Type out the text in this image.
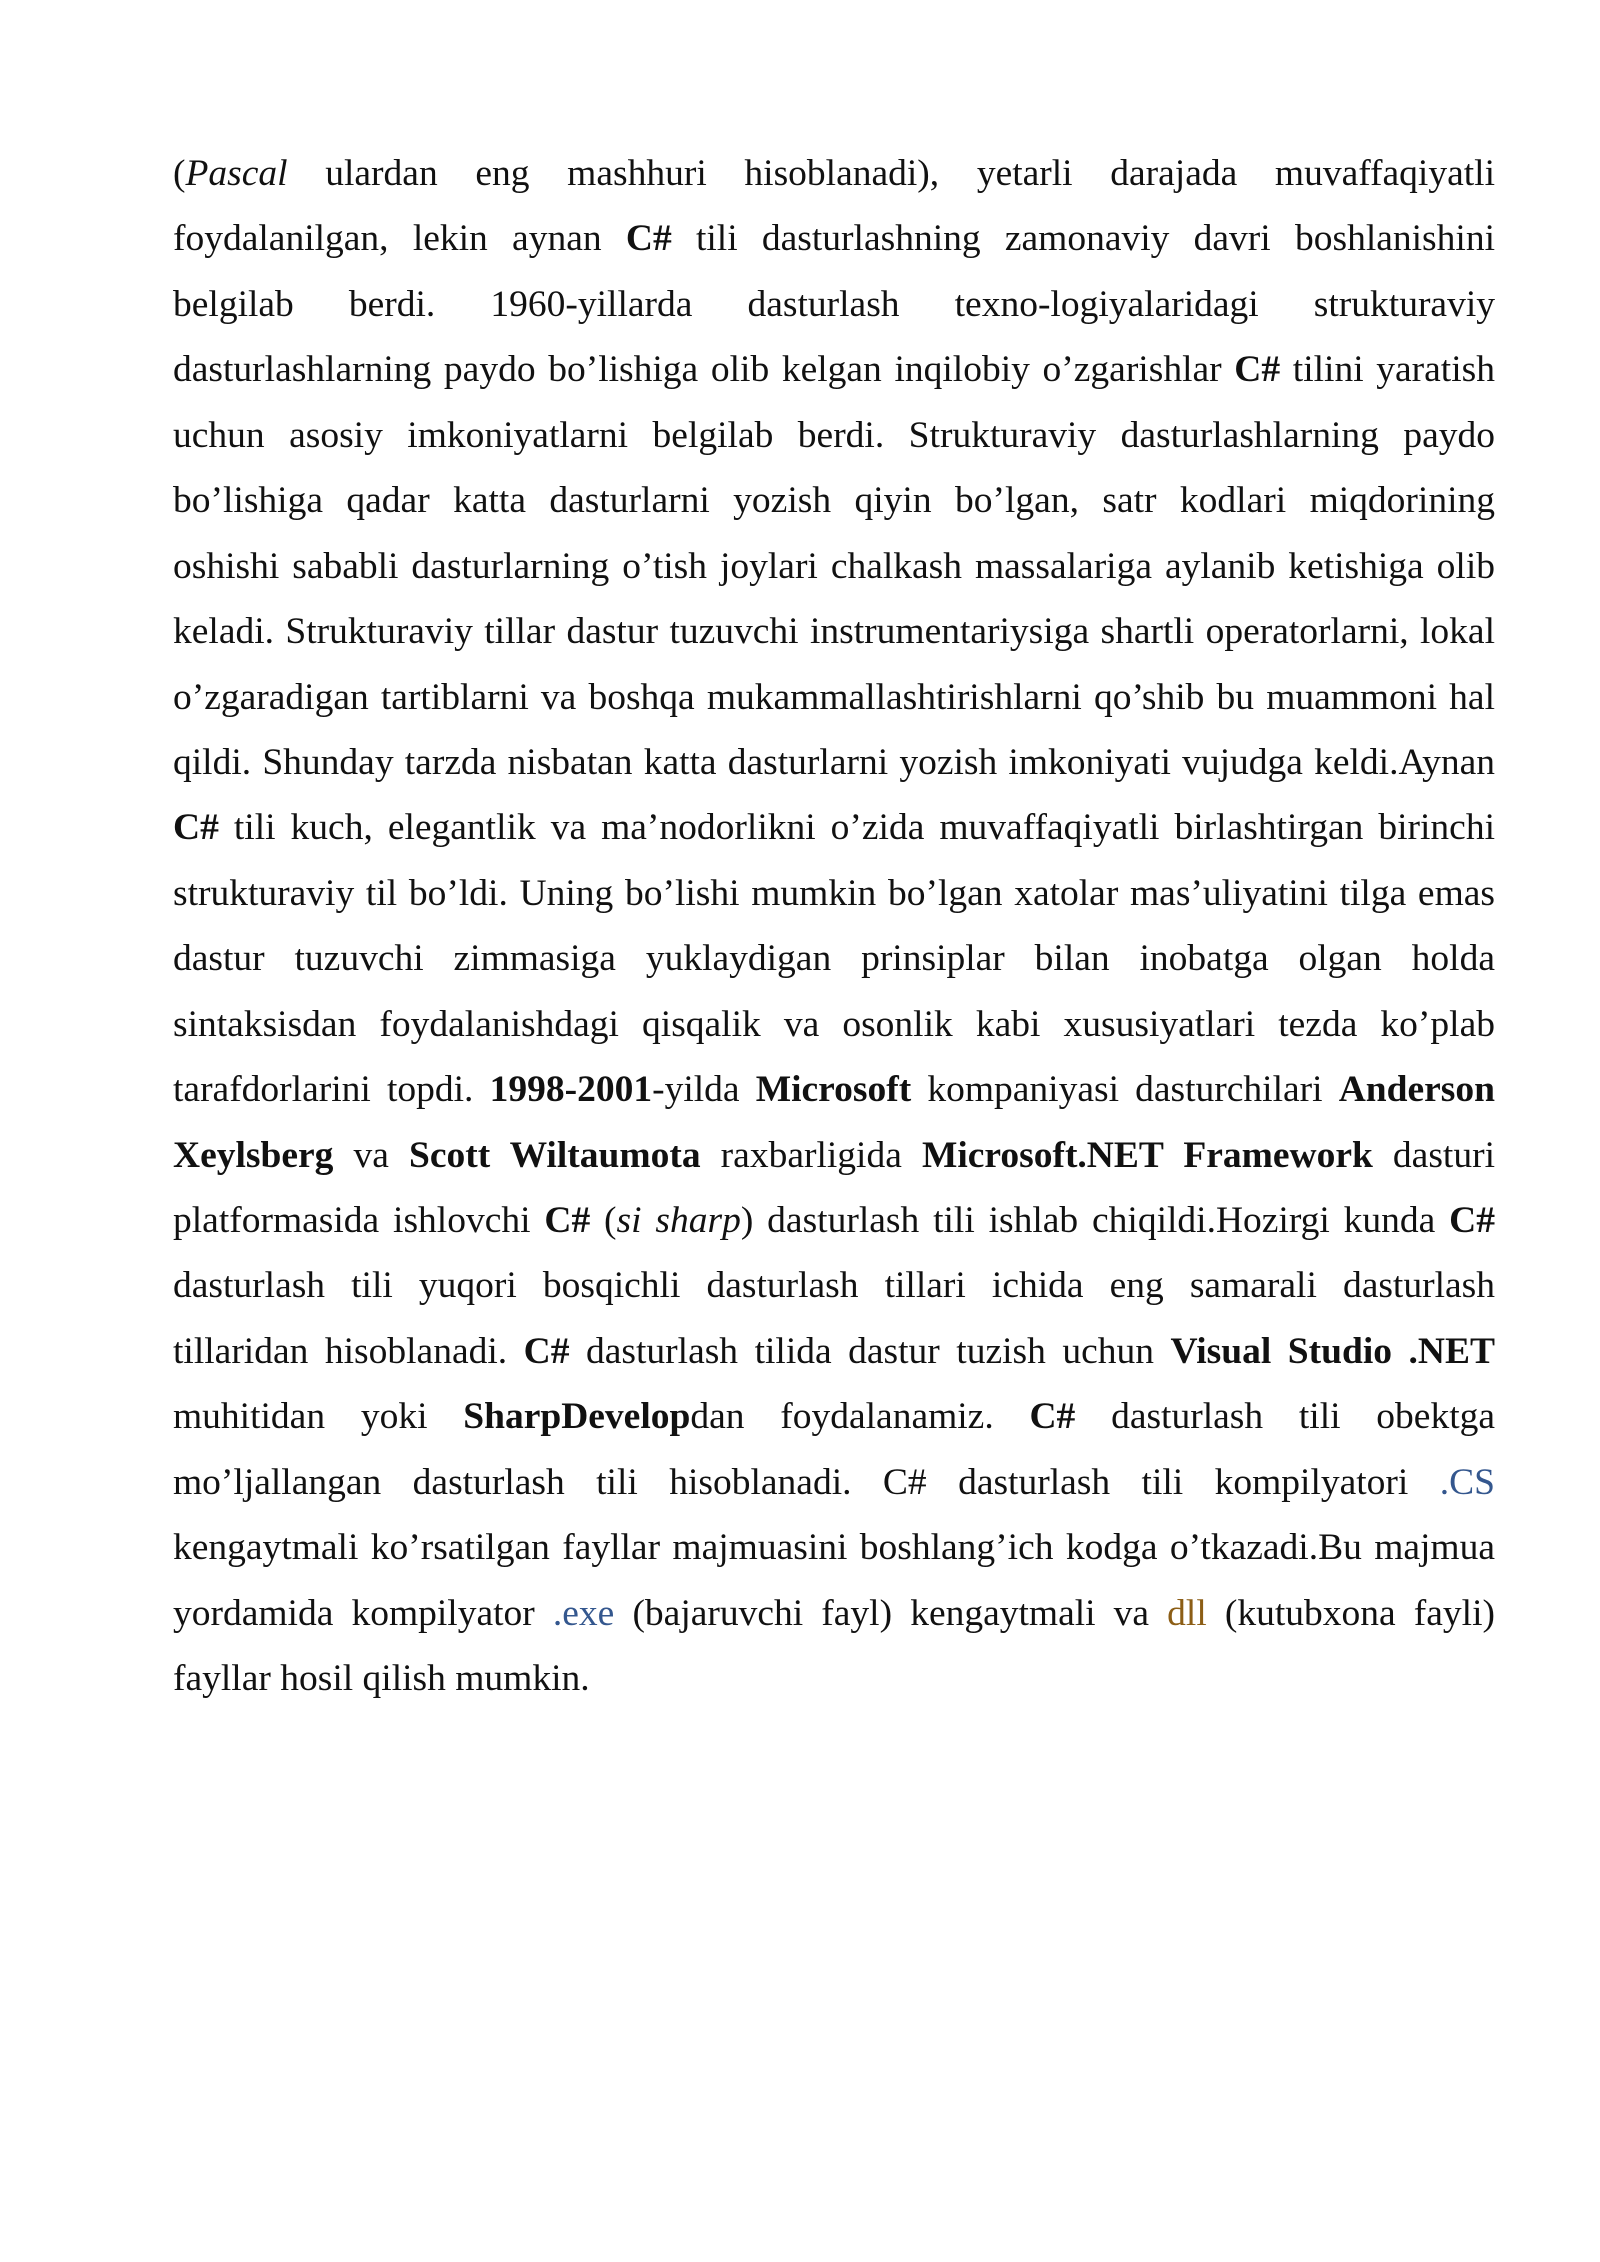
(Pascal ulardan eng mashhuri hisoblanadi), yetarli darajada muvaffaqiyatli
foydalanilgan, lekin aynan C# tili dasturlashning zamonaviy davri boshlanishini
belgilab berdi. 1960-yillarda dasturlash texno-logiyalaridagi strukturaviy
dasturlashlarning paydo bo’lishiga olib kelgan inqilobiy o’zgarishlar C# tilini yaratish
uchun asosiy imkoniyatlarni belgilab berdi. Strukturaviy dasturlashlarning paydo
bo’lishiga qadar katta dasturlarni yozish qiyin bo’lgan, satr kodlari miqdorining
oshishi sababli dasturlarning o’tish joylari chalkash massalariga aylanib ketishiga olib
keladi. Strukturaviy tillar dastur tuzuvchi instrumentariysiga shartli operatorlarni, lokal
o’zgaradigan tartiblarni va boshqa mukammallashtirishlarni qo’shib bu muammoni hal
qildi. Shunday tarzda nisbatan katta dasturlarni yozish imkoniyati vujudga keldi.Aynan
C# tili kuch, elegantlik va ma’nodorlikni o’zida muvaffaqiyatli birlashtirgan birinchi
strukturaviy til bo’ldi. Uning bo’lishi mumkin bo’lgan xatolar mas’uliyatini tilga emas
dastur tuzuvchi zimmasiga yuklaydigan prinsiplar bilan inobatga olgan holda
sintaksisdan foydalanishdagi qisqalik va osonlik kabi xususiyatlari tezda ko’plab
tarafdorlarini topdi. 1998-2001-yilda Microsoft kompaniyasi dasturchilari Anderson
Xeylsberg va Scott Wiltaumota raxbarligida Microsoft.NET Framework dasturi
platformasida ishlovchi C# (si sharp) dasturlash tili ishlab chiqildi.Hozirgi kunda C#
dasturlash tili yuqori bosqichli dasturlash tillari ichida eng samarali dasturlash
tillaridan hisoblanadi. C# dasturlash tilida dastur tuzish uchun Visual Studio .NET
muhitidan yoki SharpDevelopdan foydalanamiz. C# dasturlash tili obektga
mo’ljallangan dasturlash tili hisoblanadi. C# dasturlash tili kompilyatori .CS
kengaytmali ko’rsatilgan fayllar majmuasini boshlang’ich kodga o’tkazadi.Bu majmua
yordamida kompilyator .exe (bajaruvchi fayl) kengaytmali va dll (kutubxona fayli)
fayllar hosil qilish mumkin.
